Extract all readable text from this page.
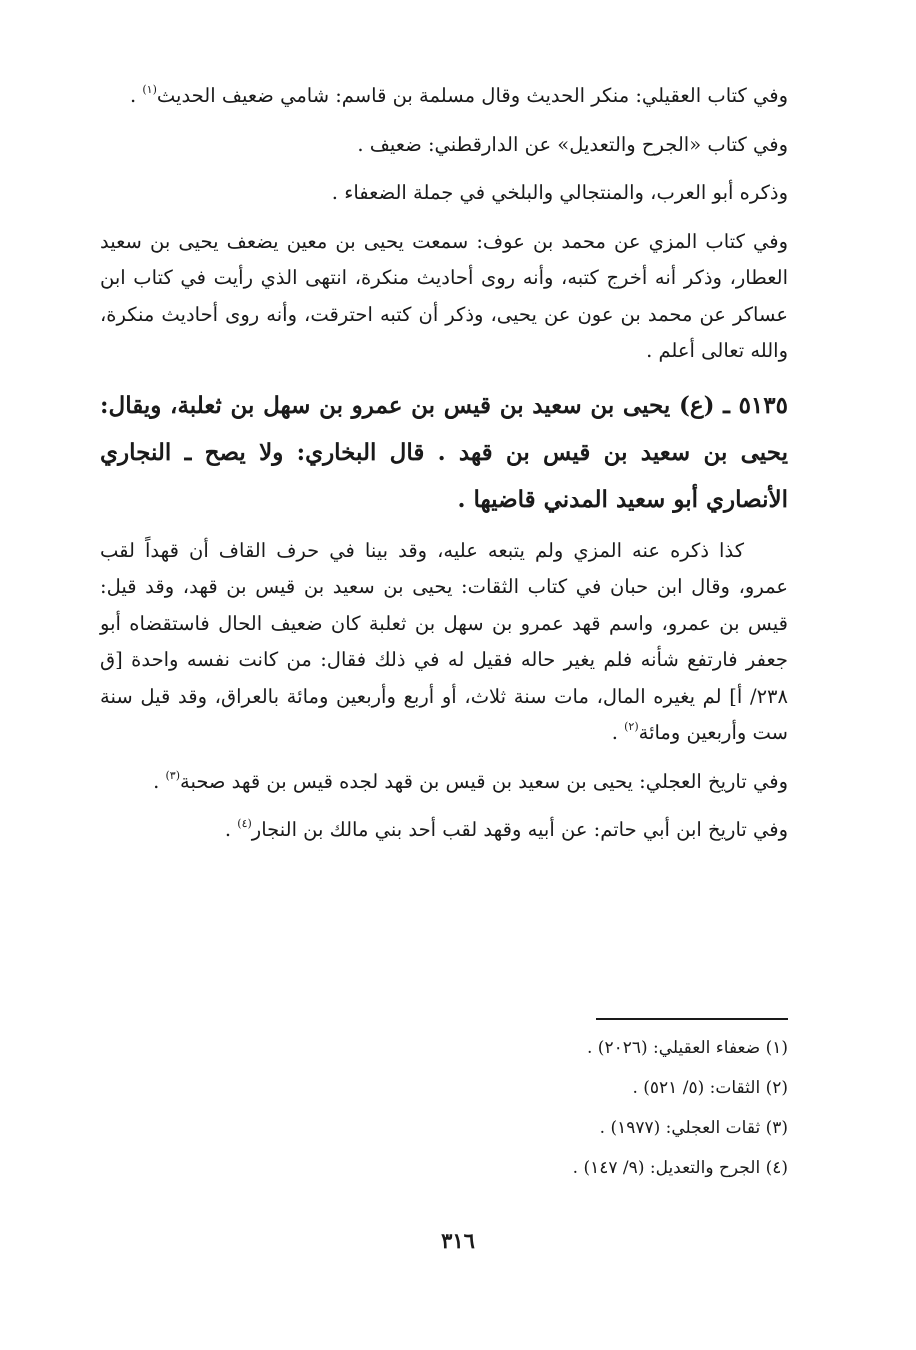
وفي كتاب العقيلي: منكر الحديث وقال مسلمة بن قاسم: شامي ضعيف الحديث$^{(١)}$ .

وفي كتاب «الجرح والتعديل» عن الدارقطني: ضعيف .

وذكره أبو العرب، والمنتجالي والبلخي في جملة الضعفاء .

وفي كتاب المزي عن محمد بن عوف: سمعت يحيى بن معين يضعف يحيى بن سعيد العطار، وذكر أنه أخرج كتبه، وأنه روى أحاديث منكرة، انتهى الذي رأيت في كتاب ابن عساكر عن محمد بن عون عن يحيى، وذكر أن كتبه احترقت، وأنه روى أحاديث منكرة، والله تعالى أعلم .

٥١٣٥ ـ (ع) يحيى بن سعيد بن قيس بن عمرو بن سهل بن ثعلبة، ويقال: يحيى بن سعيد بن قيس بن قهد . قال البخاري: ولا يصح ـ النجاري الأنصاري أبو سعيد المدني قاضيها .

كذا ذكره عنه المزي ولم يتبعه عليه، وقد بينا في حرف القاف أن قهداً لقب عمرو، وقال ابن حبان في كتاب الثقات: يحيى بن سعيد بن قيس بن قهد، وقد قيل: قيس بن عمرو، واسم قهد عمرو بن سهل بن ثعلبة كان ضعيف الحال فاستقضاه أبو جعفر فارتفع شأنه فلم يغير حاله فقيل له في ذلك فقال: من كانت نفسه واحدة [ق ٢٣٨/ أ] لم يغيره المال، مات سنة ثلاث، أو أربع وأربعين ومائة بالعراق، وقد قيل سنة ست وأربعين ومائة$^{(٢)}$ .

وفي تاريخ العجلي: يحيى بن سعيد بن قيس بن قهد لجده قيس بن قهد صحبة$^{(٣)}$ .

وفي تاريخ ابن أبي حاتم: عن أبيه وقهد لقب أحد بني مالك بن النجار$^{(٤)}$ .

(١) ضعفاء العقيلي: (٢٠٢٦) .
(٢) الثقات: (٥/ ٥٢١) .
(٣) ثقات العجلي: (١٩٧٧) .
(٤) الجرح والتعديل: (٩/ ١٤٧) .
٣١٦
